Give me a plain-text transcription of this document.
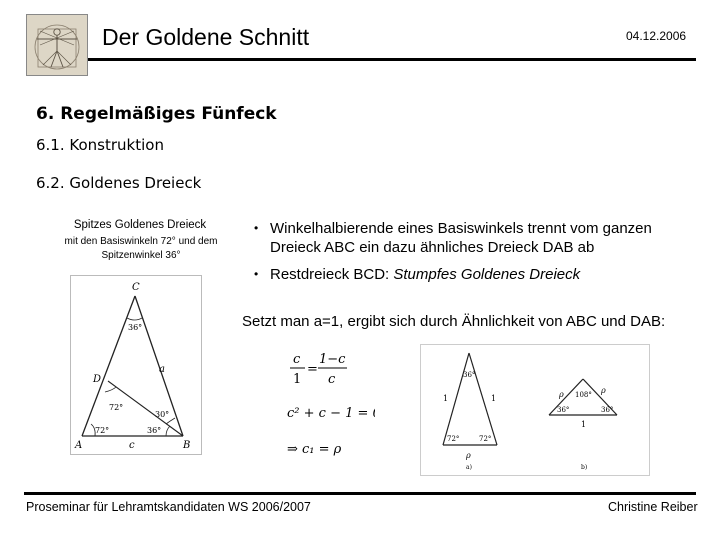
Der Goldene Schnitt	04.12.2006
6. Regelmäßiges Fünfeck
6.1. Konstruktion
6.2. Goldenes Dreieck
Spitzes Goldenes Dreieck
mit den Basiswinkeln 72° und dem
Spitzenwinkel 36°
C
36°
D
a
72°
30°
72°	36°
A	c	B
• Winkelhalbierende eines Basiswinkels trennt vom ganzen
Dreieck ABC ein dazu ähnliches Dreieck DAB ab
• Restdreieck BCD: Stumpfes Goldenes Dreieck
Setzt man a=1, ergibt sich durch Ähnlichkeit von ABC und DAB:
c
1
=
1−c
c
c² + c − 1 = 0
⇒ c₁ = ρ
36°
1	1
72°	72°
ρ
a)
ρ 108° ρ
36°	36°
1
b)
Proseminar für Lehramtskandidaten WS 2006/2007	Christine Reiber
